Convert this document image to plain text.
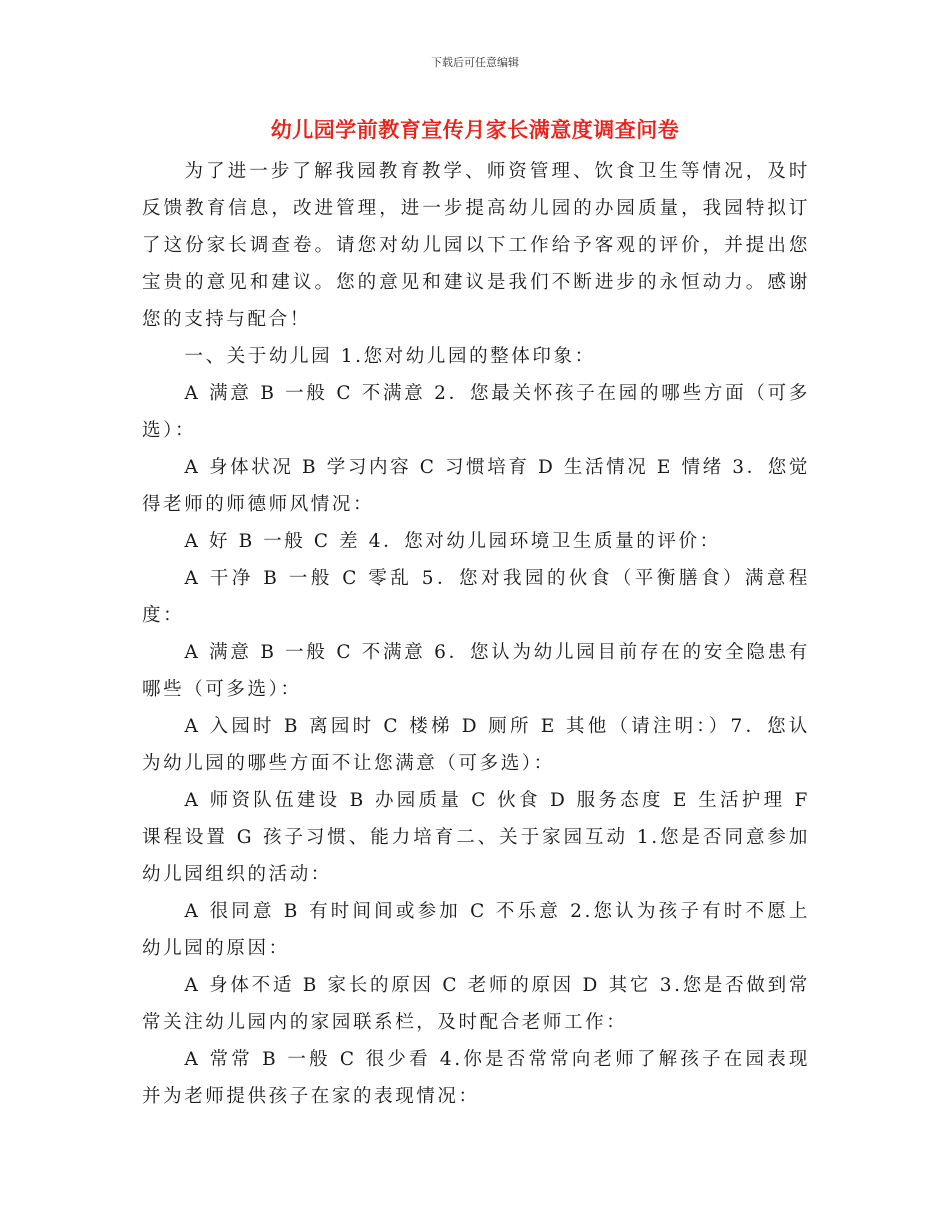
下载后可任意编辑
幼儿园学前教育宣传月家长满意度调查问卷

为了进一步了解我园教育教学、师资管理、饮食卫生等情况，及时反馈教育信息，改进管理，进一步提高幼儿园的办园质量，我园特拟订了这份家长调查卷。请您对幼儿园以下工作给予客观的评价，并提出您宝贵的意见和建议。您的意见和建议是我们不断进步的永恒动力。感谢您的支持与配合！

一、关于幼儿园 1.您对幼儿园的整体印象：

A 满意 B 一般 C 不满意 2．您最关怀孩子在园的哪些方面（可多选）：

A 身体状况 B 学习内容 C 习惯培育 D 生活情况 E 情绪 3．您觉得老师的师德师风情况：

A 好 B 一般 C 差 4．您对幼儿园环境卫生质量的评价：

A 干净 B 一般 C 零乱 5．您对我园的伙食（平衡膳食）满意程度：

A 满意 B 一般 C 不满意 6．您认为幼儿园目前存在的安全隐患有哪些（可多选）：

A 入园时 B 离园时 C 楼梯 D 厕所 E 其他（请注明：）7．您认为幼儿园的哪些方面不让您满意（可多选）：

A 师资队伍建设 B 办园质量 C 伙食 D 服务态度 E 生活护理 F 课程设置 G 孩子习惯、能力培育二、关于家园互动 1.您是否同意参加幼儿园组织的活动：

A 很同意 B 有时间间或参加 C 不乐意 2.您认为孩子有时不愿上幼儿园的原因：

A 身体不适 B 家长的原因 C 老师的原因 D 其它 3.您是否做到常常关注幼儿园内的家园联系栏，及时配合老师工作：

A 常常 B 一般 C 很少看 4.你是否常常向老师了解孩子在园表现并为老师提供孩子在家的表现情况：
